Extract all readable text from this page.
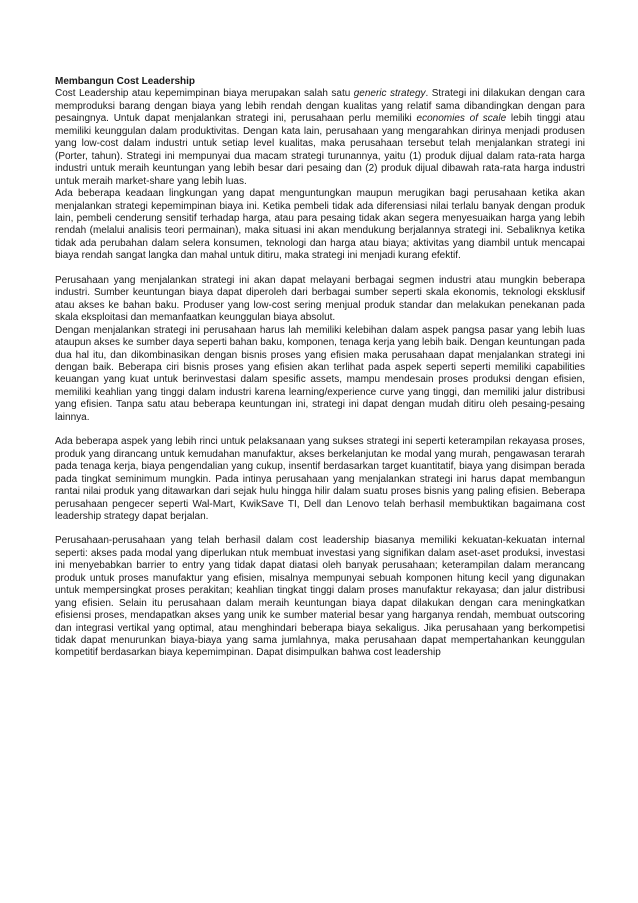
Membangun Cost Leadership

Cost Leadership atau kepemimpinan biaya merupakan salah satu generic strategy. Strategi ini dilakukan dengan cara memproduksi barang dengan biaya yang lebih rendah dengan kualitas yang relatif sama dibandingkan dengan para pesaingnya. Untuk dapat menjalankan strategi ini, perusahaan perlu memiliki economies of scale lebih tinggi atau memiliki keunggulan dalam produktivitas. Dengan kata lain, perusahaan yang mengarahkan dirinya menjadi produsen yang low-cost dalam industri untuk setiap level kualitas, maka perusahaan tersebut telah menjalankan strategi ini (Porter, tahun). Strategi ini mempunyai dua macam strategi turunannya, yaitu (1) produk dijual dalam rata-rata harga industri untuk meraih keuntungan yang lebih besar dari pesaing dan (2) produk dijual dibawah rata-rata harga industri untuk meraih market-share yang lebih luas.

Ada beberapa keadaan lingkungan yang dapat menguntungkan maupun merugikan bagi perusahaan ketika akan menjalankan strategi kepemimpinan biaya ini. Ketika pembeli tidak ada diferensiasi nilai terlalu banyak dengan produk lain, pembeli cenderung sensitif terhadap harga, atau para pesaing tidak akan segera menyesuaikan harga yang lebih rendah (melalui analisis teori permainan), maka situasi ini akan mendukung berjalannya strategi ini. Sebaliknya ketika tidak ada perubahan dalam selera konsumen, teknologi dan harga atau biaya; aktivitas yang diambil untuk mencapai biaya rendah sangat langka dan mahal untuk ditiru, maka strategi ini menjadi kurang efektif.

Perusahaan yang menjalankan strategi ini akan dapat melayani berbagai segmen industri atau mungkin beberapa industri. Sumber keuntungan biaya dapat diperoleh dari berbagai sumber seperti skala ekonomis, teknologi eksklusif atau akses ke bahan baku. Produser yang low-cost sering menjual produk standar dan melakukan penekanan pada skala eksploitasi dan memanfaatkan keunggulan biaya absolut.

Dengan menjalankan strategi ini perusahaan harus lah memiliki kelebihan dalam aspek pangsa pasar yang lebih luas ataupun akses ke sumber daya seperti bahan baku, komponen, tenaga kerja yang lebih baik. Dengan keuntungan pada dua hal itu, dan dikombinasikan dengan bisnis proses yang efisien maka perusahaan dapat menjalankan strategi ini dengan baik. Beberapa ciri bisnis proses yang efisien akan terlihat pada aspek seperti seperti memiliki capabilities keuangan yang kuat untuk berinvestasi dalam spesific assets, mampu mendesain proses produksi dengan efisien, memiliki keahlian yang tinggi dalam industri karena learning/experience curve yang tinggi, dan memiliki jalur distribusi yang efisien. Tanpa satu atau beberapa keuntungan ini, strategi ini dapat dengan mudah ditiru oleh pesaing-pesaing lainnya.

Ada beberapa aspek yang lebih rinci untuk pelaksanaan yang sukses strategi ini seperti keterampilan rekayasa proses, produk yang dirancang untuk kemudahan manufaktur, akses berkelanjutan ke modal yang murah, pengawasan terarah pada tenaga kerja, biaya pengendalian yang cukup, insentif berdasarkan target kuantitatif, biaya yang disimpan berada pada tingkat seminimum mungkin. Pada intinya perusahaan yang menjalankan strategi ini harus dapat membangun rantai nilai produk yang ditawarkan dari sejak hulu hingga hilir dalam suatu proses bisnis yang paling efisien. Beberapa perusahaan pengecer seperti Wal-Mart, KwikSave TI, Dell dan Lenovo telah berhasil membuktikan bagaimana cost leadership strategy dapat berjalan.

Perusahaan-perusahaan yang telah berhasil dalam cost leadership biasanya memiliki kekuatan-kekuatan internal seperti: akses pada modal yang diperlukan ntuk membuat investasi yang signifikan dalam aset-aset produksi, investasi ini menyebabkan barrier to entry yang tidak dapat diatasi oleh banyak perusahaan; keterampilan dalam merancang produk untuk proses manufaktur yang efisien, misalnya mempunyai sebuah komponen hitung kecil yang digunakan untuk mempersingkat proses perakitan; keahlian tingkat tinggi dalam proses manufaktur rekayasa; dan jalur distribusi yang efisien. Selain itu perusahaan dalam meraih keuntungan biaya dapat dilakukan dengan cara meningkatkan efisiensi proses, mendapatkan akses yang unik ke sumber material besar yang harganya rendah, membuat outscoring dan integrasi vertikal yang optimal, atau menghindari beberapa biaya sekaligus. Jika perusahaan yang berkompetisi tidak dapat menurunkan biaya-biaya yang sama jumlahnya, maka perusahaan dapat mempertahankan keunggulan kompetitif berdasarkan biaya kepemimpinan. Dapat disimpulkan bahwa cost leadership
